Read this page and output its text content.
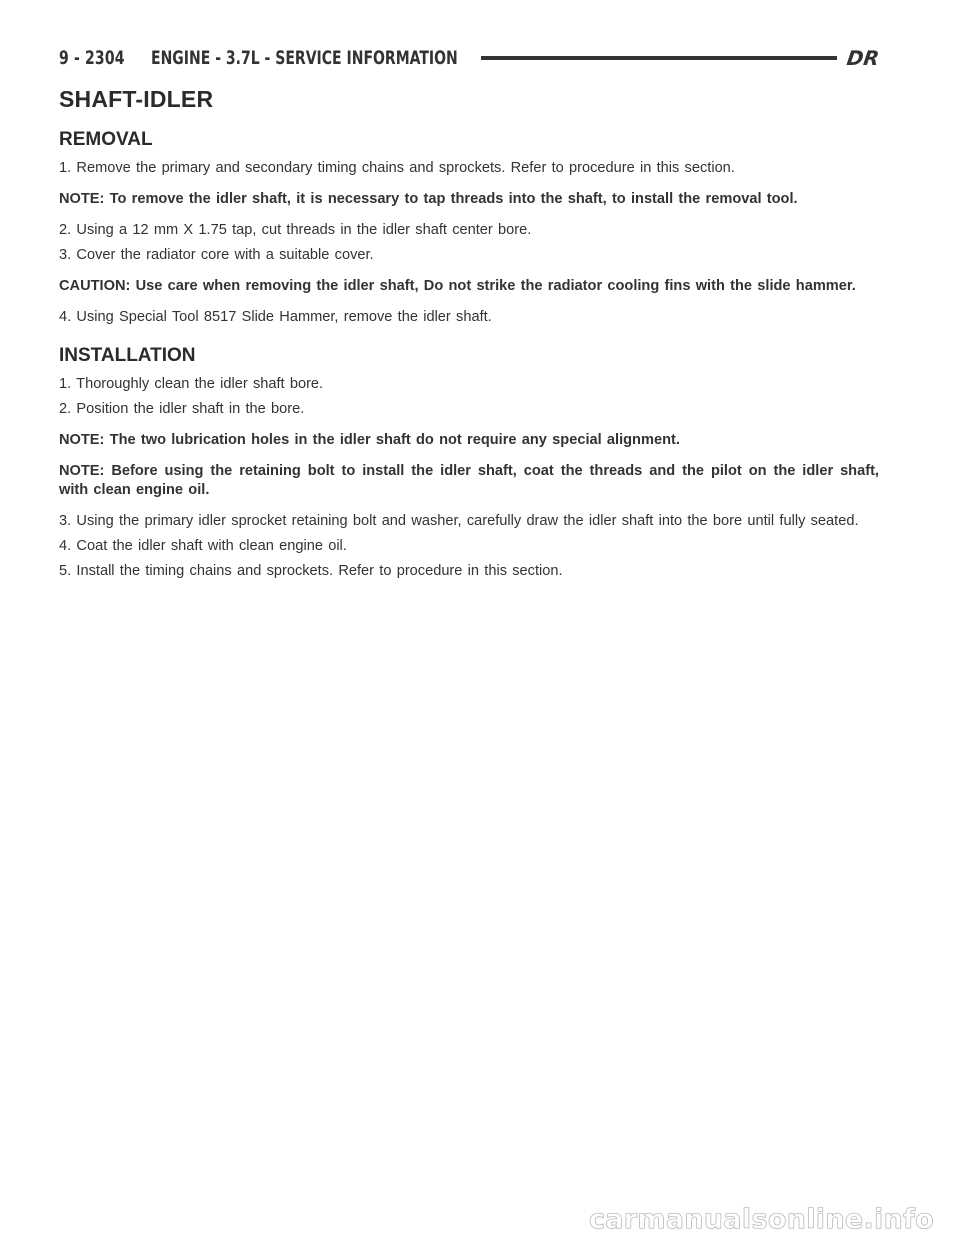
9 - 2304 ENGINE - 3.7L - SERVICE INFORMATION	DR
SHAFT-IDLER
REMOVAL

1. Remove the primary and secondary timing chains and sprockets. Refer to procedure in this section.

NOTE: To remove the idler shaft, it is necessary to tap threads into the shaft, to install the removal tool.

2. Using a 12 mm X 1.75 tap, cut threads in the idler shaft center bore.

3. Cover the radiator core with a suitable cover.

CAUTION: Use care when removing the idler shaft, Do not strike the radiator cooling fins with the slide hammer.

4. Using Special Tool 8517 Slide Hammer, remove the idler shaft.

INSTALLATION

1. Thoroughly clean the idler shaft bore.

2. Position the idler shaft in the bore.

NOTE: The two lubrication holes in the idler shaft do not require any special alignment.

NOTE: Before using the retaining bolt to install the idler shaft, coat the threads and the pilot on the idler shaft, with clean engine oil.

3. Using the primary idler sprocket retaining bolt and washer, carefully draw the idler shaft into the bore until fully seated.

4. Coat the idler shaft with clean engine oil.

5. Install the timing chains and sprockets. Refer to procedure in this section.

carmanualsonline.info
